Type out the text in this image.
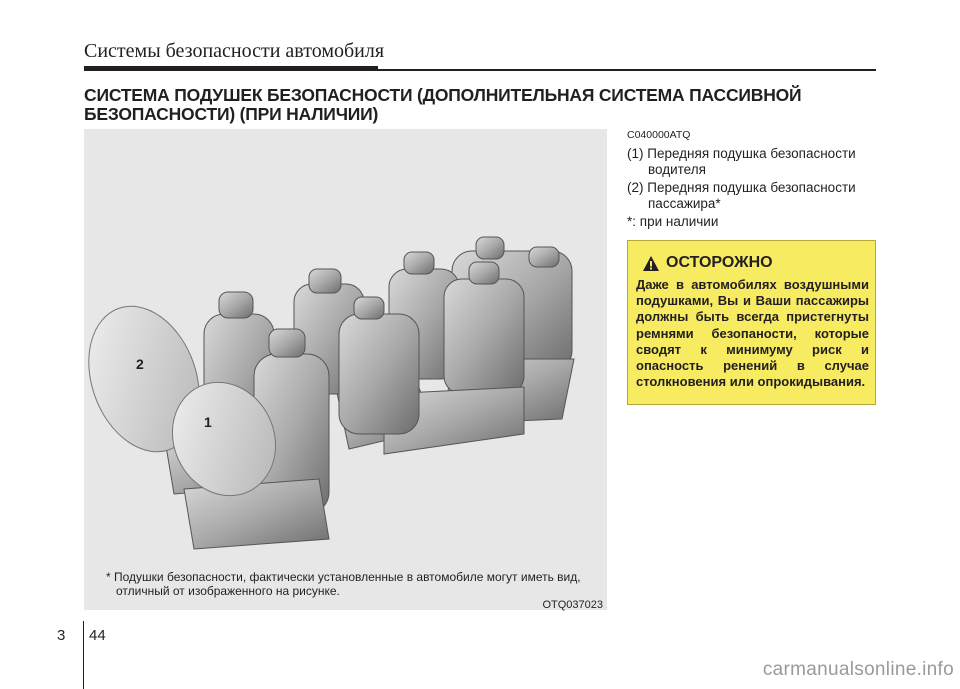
Системы безопасности автомобиля
СИСТЕМА ПОДУШЕК БЕЗОПАСНОСТИ (ДОПОЛНИТЕЛЬНАЯ СИСТЕМА ПАССИВНОЙ
БЕЗОПАСНОСТИ) (ПРИ НАЛИЧИИ)
2
1
* Подушки безопасности, фактически установленные в автомобиле могут иметь вид,
отличный от изображенного на рисунке.
OTQ037023
C040000ATQ
(1) Передняя подушка безопасности
водителя
(2) Передняя подушка безопасности
пассажира*
*: при наличии
ОСТОРОЖНО
Даже в автомобилях воздушными подушками, Вы и Ваши пассажиры должны быть всегда пристегнуты ремнями безопаности, которые сводят к минимуму риск и опасность ренений в случае столкновения или опрокидывания.
3 44
carmanualsonline.info
